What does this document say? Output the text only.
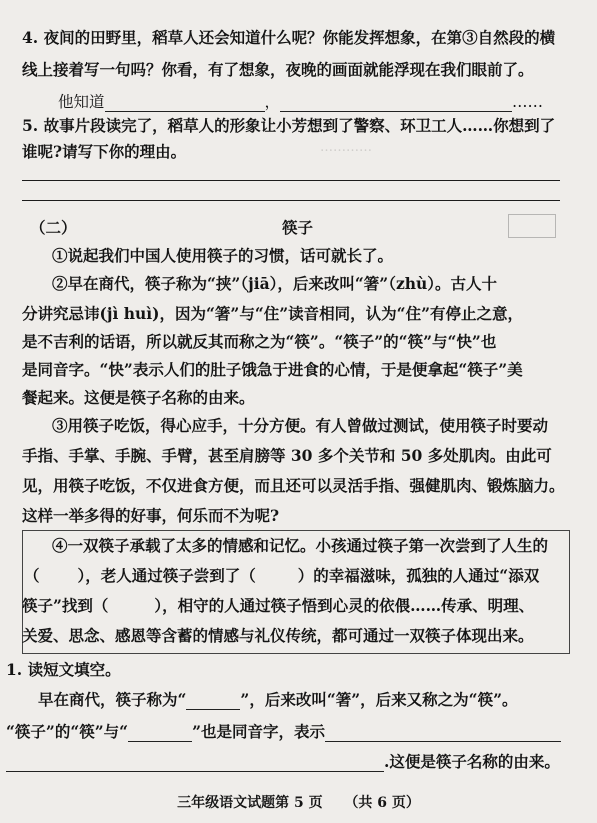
…………
4. 夜间的田野里，稻草人还会知道什么呢？你能发挥想象，在第③自然段的横
线上接着写一句吗？你看，有了想象，夜晚的画面就能浮现在我们眼前了。
他知道	，	……
5. 故事片段读完了，稻草人的形象让小芳想到了警察、环卫工人……你想到了
谁呢?请写下你的理由。
（二）	筷子
①说起我们中国人使用筷子的习惯，话可就长了。
②早在商代，筷子称为“挟”（jiā），后来改叫“箸”（zhù）。古人十
分讲究忌讳(jì huì)，因为“箸”与“住”读音相同，认为“住”有停止之意，
是不吉利的话语，所以就反其而称之为“筷”。“筷子”的“筷”与“快”也
是同音字。“快”表示人们的肚子饿急于进食的心情，于是便拿起“筷子”美
餐起来。这便是筷子名称的由来。
③用筷子吃饭，得心应手，十分方便。有人曾做过测试，使用筷子时要动
手指、手掌、手腕、手臂，甚至肩膀等 30 多个关节和 50 多处肌肉。由此可
见，用筷子吃饭，不仅进食方便，而且还可以灵活手指、强健肌肉、锻炼脑力。
这样一举多得的好事，何乐而不为呢?
④一双筷子承载了太多的情感和记忆。小孩通过筷子第一次尝到了人生的
（ ），老人通过筷子尝到了（	）的幸福滋味，孤独的人通过“添双
筷子”找到（	），相守的人通过筷子悟到心灵的依偎……传承、明理、
关爱、思念、感恩等含蓄的情感与礼仪传统，都可通过一双筷子体现出来。
1. 读短文填空。
早在商代，筷子称为“	”，后来改叫“箸”，后来又称之为“筷”。
“筷子”的“筷”与“	”也是同音字，表示
.这便是筷子名称的由来。
三年级语文试题第 5 页 （共 6 页）
